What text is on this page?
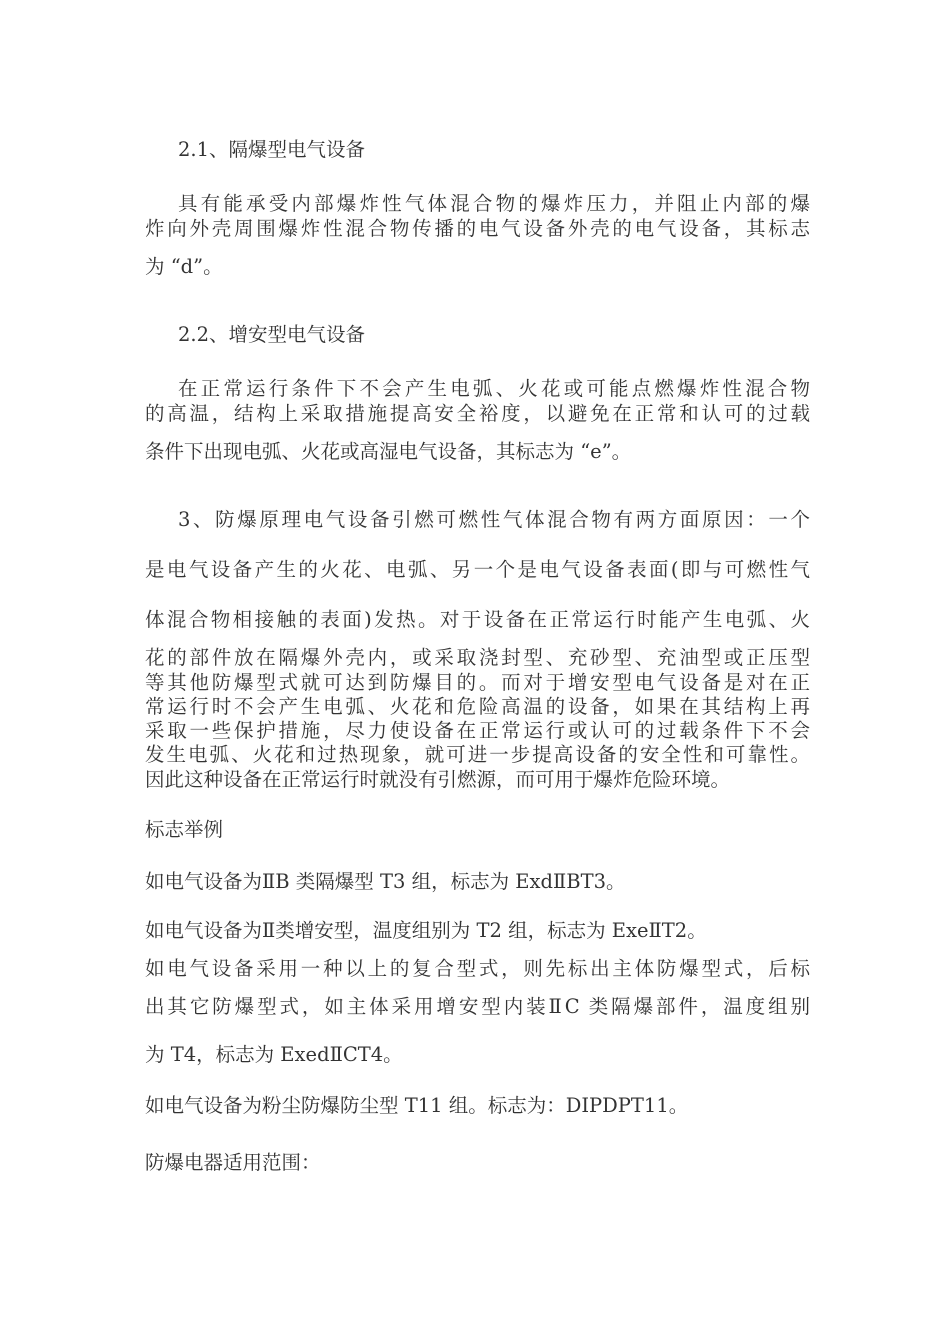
2.1、隔爆型电气设备
具有能承受内部爆炸性气体混合物的爆炸压力，并阻止内部的爆
炸向外壳周围爆炸性混合物传播的电气设备外壳的电气设备，其标志
为 “d”。
2.2、增安型电气设备
在正常运行条件下不会产生电弧、火花或可能点燃爆炸性混合物
的高温，结构上采取措施提高安全裕度，以避免在正常和认可的过载
条件下出现电弧、火花或高湿电气设备，其标志为 “e”。
3、防爆原理电气设备引燃可燃性气体混合物有两方面原因：一个
是电气设备产生的火花、电弧、另一个是电气设备表面(即与可燃性气
体混合物相接触的表面)发热。对于设备在正常运行时能产生电弧、火
花的部件放在隔爆外壳内，或采取浇封型、充砂型、充油型或正压型
等其他防爆型式就可达到防爆目的。而对于增安型电气设备是对在正
常运行时不会产生电弧、火花和危险高温的设备，如果在其结构上再
采取一些保护措施，尽力使设备在正常运行或认可的过载条件下不会
发生电弧、火花和过热现象，就可进一步提高设备的安全性和可靠性。
因此这种设备在正常运行时就没有引燃源，而可用于爆炸危险环境。
标志举例
如电气设备为ⅡB 类隔爆型 T3 组，标志为 ExdⅡBT3。
如电气设备为Ⅱ类增安型，温度组别为 T2 组，标志为 ExeⅡT2。
如电气设备采用一种以上的复合型式，则先标出主体防爆型式，后标
出其它防爆型式，如主体采用增安型内装ⅡC 类隔爆部件，温度组别
为 T4，标志为 ExedⅡCT4。
如电气设备为粉尘防爆防尘型 T11 组。标志为：DIPDPT11。
防爆电器适用范围：
